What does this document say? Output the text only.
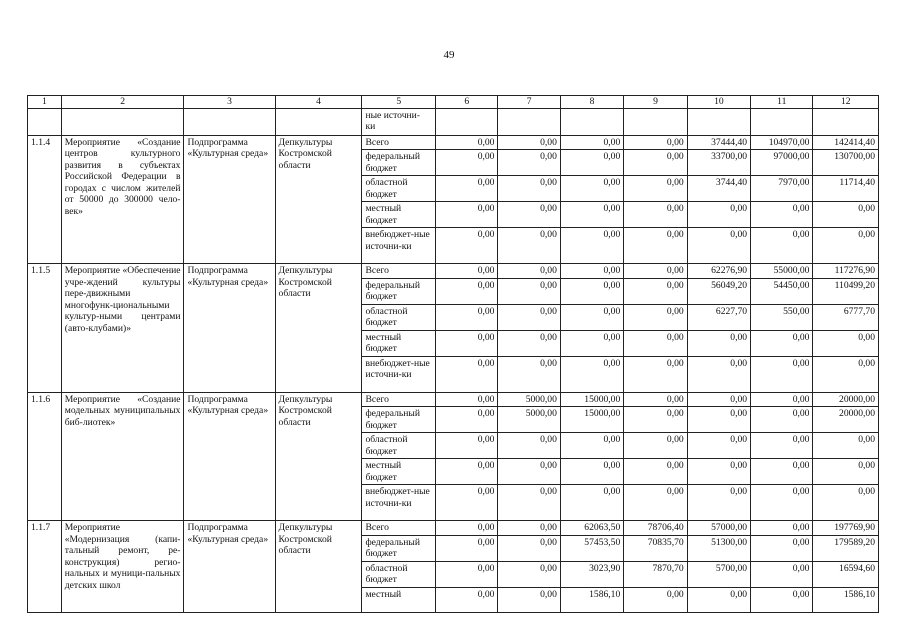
49
1	2	3	4	5	6	7	8	9	10	11	12
				ные источни-
ки							
1.1.4	Мероприятие «Создание центров культурного развития в субъектах Российской Федерации в городах с числом жителей от 50000 до 300000 чело-век»	Подпрограмма «Культурная среда»	Депкультуры Костромской области	Всего	0,00	0,00	0,00	0,00	37444,40	104970,00	142414,40
				федеральный бюджет	0,00	0,00	0,00	0,00	33700,00	97000,00	130700,00
				областной бюджет	0,00	0,00	0,00	0,00	3744,40	7970,00	11714,40
				местный бюджет	0,00	0,00	0,00	0,00	0,00	0,00	0,00
				внебюджет-ные источни-ки	0,00	0,00	0,00	0,00	0,00	0,00	0,00
1.1.5	Мероприятие «Обеспечение учре-ждений культуры пере-движными многофунк-циональными культур-ными центрами (авто-клубами)»	Подпрограмма «Культурная среда»	Депкультуры Костромской области	Всего	0,00	0,00	0,00	0,00	62276,90	55000,00	117276,90
				федеральный бюджет	0,00	0,00	0,00	0,00	56049,20	54450,00	110499,20
				областной бюджет	0,00	0,00	0,00	0,00	6227,70	550,00	6777,70
				местный бюджет	0,00	0,00	0,00	0,00	0,00	0,00	0,00
				внебюджет-ные источни-ки	0,00	0,00	0,00	0,00	0,00	0,00	0,00
1.1.6	Мероприятие «Создание модельных муниципальных биб-лиотек»	Подпрограмма «Культурная среда»	Депкультуры Костромской области	Всего	0,00	5000,00	15000,00	0,00	0,00	0,00	20000,00
				федеральный бюджет	0,00	5000,00	15000,00	0,00	0,00	0,00	20000,00
				областной бюджет	0,00	0,00	0,00	0,00	0,00	0,00	0,00
				местный бюджет	0,00	0,00	0,00	0,00	0,00	0,00	0,00
				внебюджет-ные источни-ки	0,00	0,00	0,00	0,00	0,00	0,00	0,00
1.1.7	Мероприятие «Модернизация (капи-тальный ремонт, ре-конструкция) регио-нальных и муници-пальных детских школ	Подпрограмма «Культурная среда»	Депкультуры Костромской области	Всего	0,00	0,00	62063,50	78706,40	57000,00	0,00	197769,90
				федеральный бюджет	0,00	0,00	57453,50	70835,70	51300,00	0,00	179589,20
				областной бюджет	0,00	0,00	3023,90	7870,70	5700,00	0,00	16594,60
				местный	0,00	0,00	1586,10	0,00	0,00	0,00	1586,10
